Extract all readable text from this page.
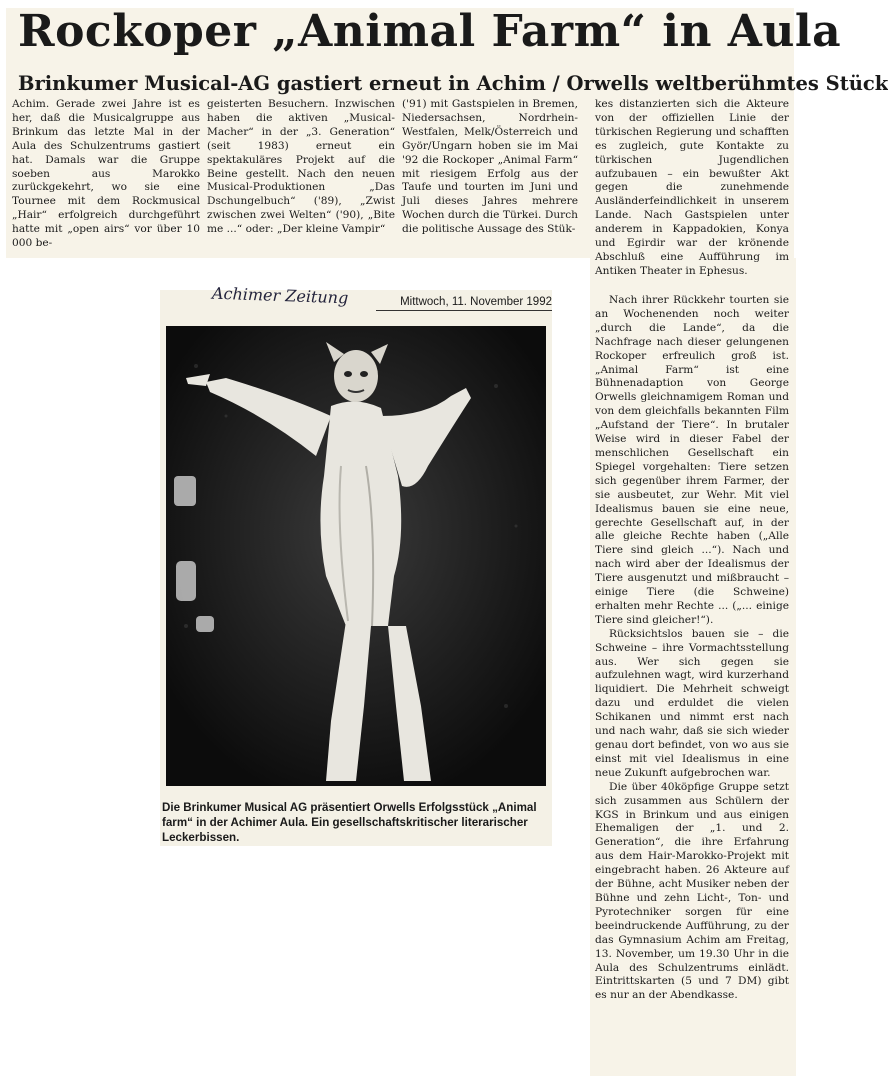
Rockoper „Animal Farm“ in Aula
Brinkumer Musical-AG gastiert erneut in Achim / Orwells weltberühmtes Stück

Achim. Gerade zwei Jahre ist es her, daß die Musicalgruppe aus Brinkum das letzte Mal in der Aula des Schulzentrums gastiert hat. Damals war die Gruppe soeben aus Marokko zurückgekehrt, wo sie eine Tournee mit dem Rockmusical „Hair“ erfolgreich durchgeführt hatte mit „open airs“ vor über 10 000 be-

geisterten Besuchern. Inzwischen haben die aktiven „Musical-Macher“ in der „3. Generation“ (seit 1983) erneut ein spektakuläres Projekt auf die Beine gestellt. Nach den neuen Musical-Produktionen „Das Dschungelbuch“ ('89), „Zwist zwischen zwei Welten“ ('90), „Bite me ...“ oder: „Der kleine Vampir“

('91) mit Gastspielen in Bremen, Niedersachsen, Nordrhein-Westfalen, Melk/Österreich und Györ/Ungarn hoben sie im Mai '92 die Rockoper „Animal Farm“ mit riesigem Erfolg aus der Taufe und tourten im Juni und Juli dieses Jahres mehrere Wochen durch die Türkei. Durch die politische Aussage des Stük-

kes distanzierten sich die Akteure von der offiziellen Linie der türkischen Regierung und schafften es zugleich, gute Kontakte zu türkischen Jugendlichen aufzubauen – ein bewußter Akt gegen die zunehmende Ausländerfeindlichkeit in unserem Lande. Nach Gastspielen unter anderem in Kappadokien, Konya und Egirdir war der krönende Abschluß eine Aufführung im Antiken Theater in Ephesus.

Nach ihrer Rückkehr tourten sie an Wochenenden noch weiter „durch die Lande“, da die Nachfrage nach dieser gelungenen Rockoper erfreulich groß ist. „Animal Farm“ ist eine Bühnenadaption von George Orwells gleichnamigem Roman und von dem gleichfalls bekannten Film „Aufstand der Tiere“. In brutaler Weise wird in dieser Fabel der menschlichen Gesellschaft ein Spiegel vorgehalten: Tiere setzen sich gegenüber ihrem Farmer, der sie ausbeutet, zur Wehr. Mit viel Idealismus bauen sie eine neue, gerechte Gesellschaft auf, in der alle gleiche Rechte haben („Alle Tiere sind gleich ...“). Nach und nach wird aber der Idealismus der Tiere ausgenutzt und mißbraucht – einige Tiere (die Schweine) erhalten mehr Rechte ... („... einige Tiere sind gleicher!“).

Rücksichtslos bauen sie – die Schweine – ihre Vormachtsstellung aus. Wer sich gegen sie aufzulehnen wagt, wird kurzerhand liquidiert. Die Mehrheit schweigt dazu und erduldet die vielen Schikanen und nimmt erst nach und nach wahr, daß sie sich wieder genau dort befindet, von wo aus sie einst mit viel Idealismus in eine neue Zukunft aufgebrochen war.

Die über 40köpfige Gruppe setzt sich zusammen aus Schülern der KGS in Brinkum und aus einigen Ehemaligen der „1. und 2. Generation“, die ihre Erfahrung aus dem Hair-Marokko-Projekt mit eingebracht haben. 26 Akteure auf der Bühne, acht Musiker neben der Bühne und zehn Licht-, Ton- und Pyrotechniker sorgen für eine beeindruckende Aufführung, zu der das Gymnasium Achim am Freitag, 13. November, um 19.30 Uhr in die Aula des Schulzentrums einlädt. Eintrittskarten (5 und 7 DM) gibt es nur an der Abendkasse.

Achimer Zeitung	Mittwoch, 11. November 1992

Die Brinkumer Musical AG präsentiert Orwells Erfolgsstück „Animal farm“ in der Achimer Aula. Ein gesellschaftskritischer literarischer Leckerbissen.
